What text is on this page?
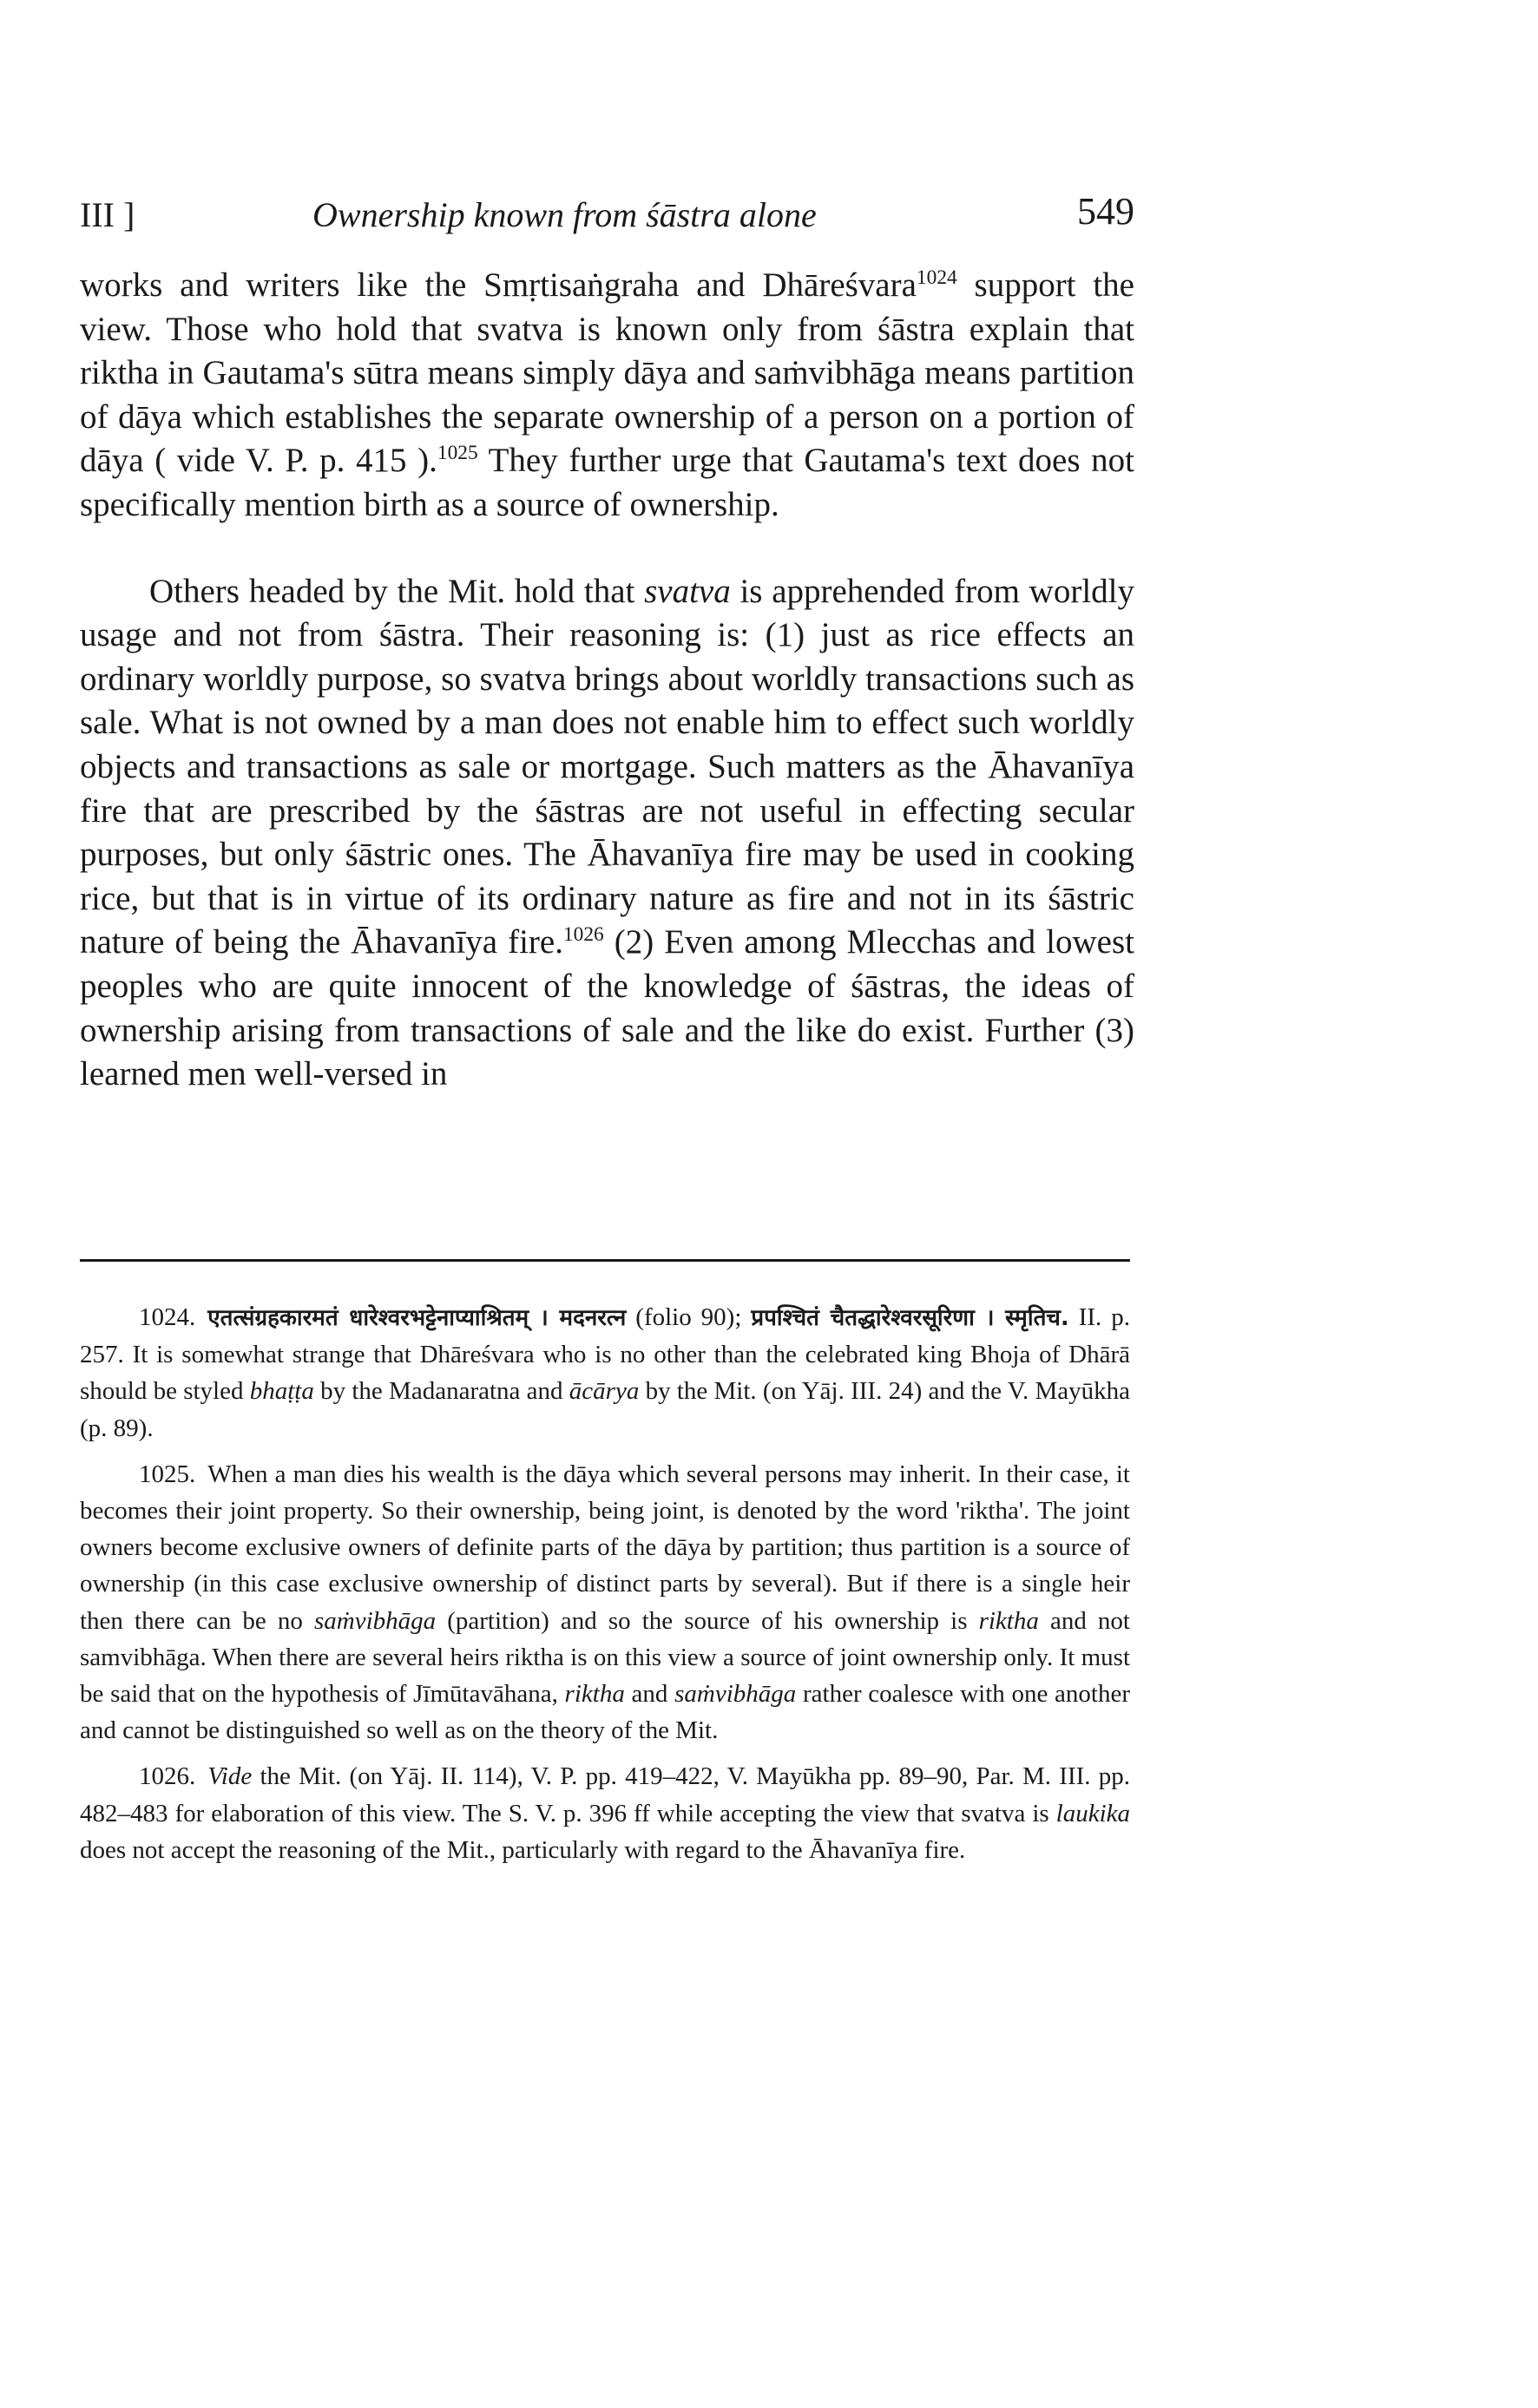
III ]	Ownership known from śāstra alone	549

works and writers like the Smṛtisaṅgraha and Dhāreśvara$^{1024}$ support the view. Those who hold that svatva is known only from śāstra explain that riktha in Gautama's sūtra means simply dāya and saṁvibhāga means partition of dāya which establishes the separate ownership of a person on a portion of dāya ( vide V. P. p. 415 ).$^{1025}$ They further urge that Gautama's text does not specifically mention birth as a source of ownership.

Others headed by the Mit. hold that svatva is apprehended from worldly usage and not from śāstra. Their reasoning is: (1) just as rice effects an ordinary worldly purpose, so svatva brings about worldly transactions such as sale. What is not owned by a man does not enable him to effect such worldly objects and transactions as sale or mortgage. Such matters as the Āhavanīya fire that are prescribed by the śāstras are not useful in effecting secular purposes, but only śāstric ones. The Āhavanīya fire may be used in cooking rice, but that is in virtue of its ordinary nature as fire and not in its śāstric nature of being the Āhavanīya fire.$^{1026}$ (2) Even among Mlecchas and lowest peoples who are quite innocent of the knowledge of śāstras, the ideas of ownership arising from transactions of sale and the like do exist. Further (3) learned men well-versed in

1024. एतत्संग्रहकारमतं धारेश्वरभट्टेनाप्याश्रितम् । मदनरत्न (folio 90); प्रपश्चितं चैतद्धारेश्वरसूरिणा । स्मृतिच. II. p. 257. It is somewhat strange that Dhāreśvara who is no other than the celebrated king Bhoja of Dhārā should be styled bhaṭṭa by the Madanaratna and ācārya by the Mit. (on Yāj. III. 24) and the V. Mayūkha (p. 89).

1025. When a man dies his wealth is the dāya which several persons may inherit. In their case, it becomes their joint property. So their ownership, being joint, is denoted by the word 'riktha'. The joint owners become exclusive owners of definite parts of the dāya by partition; thus partition is a source of ownership (in this case exclusive ownership of distinct parts by several). But if there is a single heir then there can be no saṁvibhāga (partition) and so the source of his ownership is riktha and not samvibhāga. When there are several heirs riktha is on this view a source of joint ownership only. It must be said that on the hypothesis of Jīmūtavāhana, riktha and saṁvibhāga rather coalesce with one another and cannot be distinguished so well as on the theory of the Mit.

1026. Vide the Mit. (on Yāj. II. 114), V. P. pp. 419–422, V. Mayūkha pp. 89–90, Par. M. III. pp. 482–483 for elaboration of this view. The S. V. p. 396 ff while accepting the view that svatva is laukika does not accept the reasoning of the Mit., particularly with regard to the Āhavanīya fire.
